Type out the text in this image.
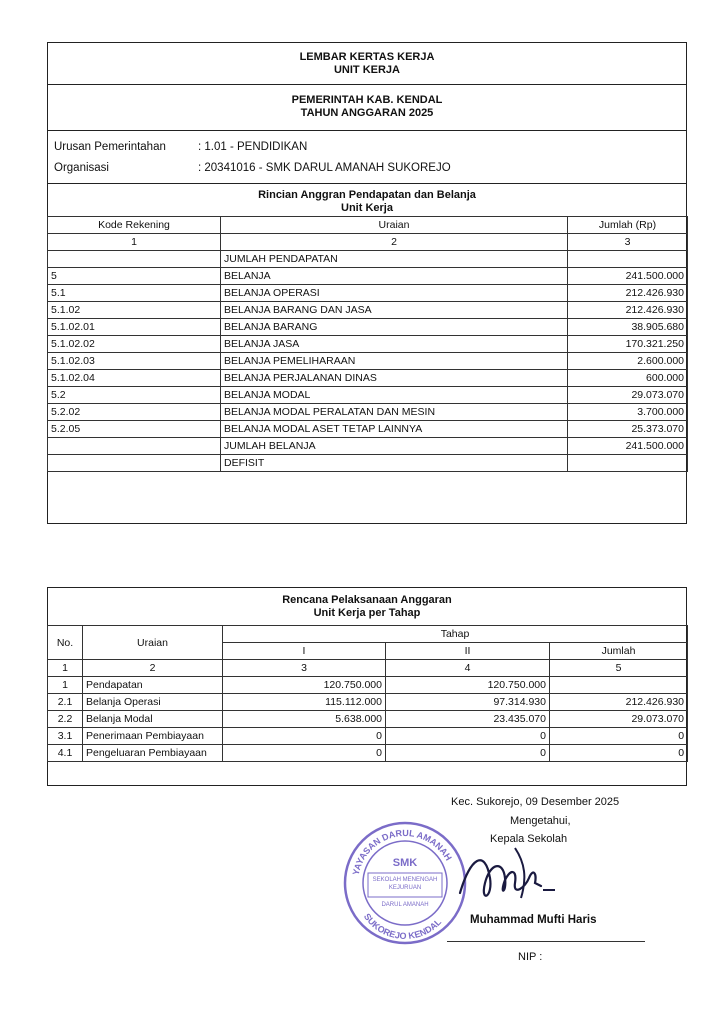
LEMBAR KERTAS KERJA
UNIT KERJA
PEMERINTAH KAB. KENDAL
TAHUN ANGGARAN 2025
Urusan Pemerintahan	: 1.01 - PENDIDIKAN
Organisasi	: 20341016 - SMK DARUL AMANAH SUKOREJO
Rincian Anggran Pendapatan dan Belanja
Unit Kerja
Kode Rekening	Uraian	Jumlah (Rp)
1	2	3
	JUMLAH PENDAPATAN	
5	BELANJA	241.500.000
5.1	BELANJA OPERASI	212.426.930
5.1.02	BELANJA BARANG DAN JASA	212.426.930
5.1.02.01	BELANJA BARANG	38.905.680
5.1.02.02	BELANJA JASA	170.321.250
5.1.02.03	BELANJA PEMELIHARAAN	2.600.000
5.1.02.04	BELANJA PERJALANAN DINAS	600.000
5.2	BELANJA MODAL	29.073.070
5.2.02	BELANJA MODAL PERALATAN DAN MESIN	3.700.000
5.2.05	BELANJA MODAL ASET TETAP LAINNYA	25.373.070
	JUMLAH BELANJA	241.500.000
	DEFISIT	
Rencana Pelaksanaan Anggaran
Unit Kerja per Tahap
No.	Uraian	Tahap		
		I	II	Jumlah
1	2	3	4	5
1	Pendapatan	120.750.000	120.750.000	
2.1	Belanja Operasi	115.112.000	97.314.930	212.426.930
2.2	Belanja Modal	5.638.000	23.435.070	29.073.070
3.1	Penerimaan Pembiayaan	0	0	0
4.1	Pengeluaran Pembiayaan	0	0	0
Kec. Sukorejo, 09 Desember 2025
Mengetahui,
Kepala Sekolah
YAYASAN DARUL AMANAH
SUKOREJO KENDAL
SMK
SEKOLAH MENENGAH
KEJURUAN
DARUL AMANAH
Muhammad Mufti Haris
NIP :
